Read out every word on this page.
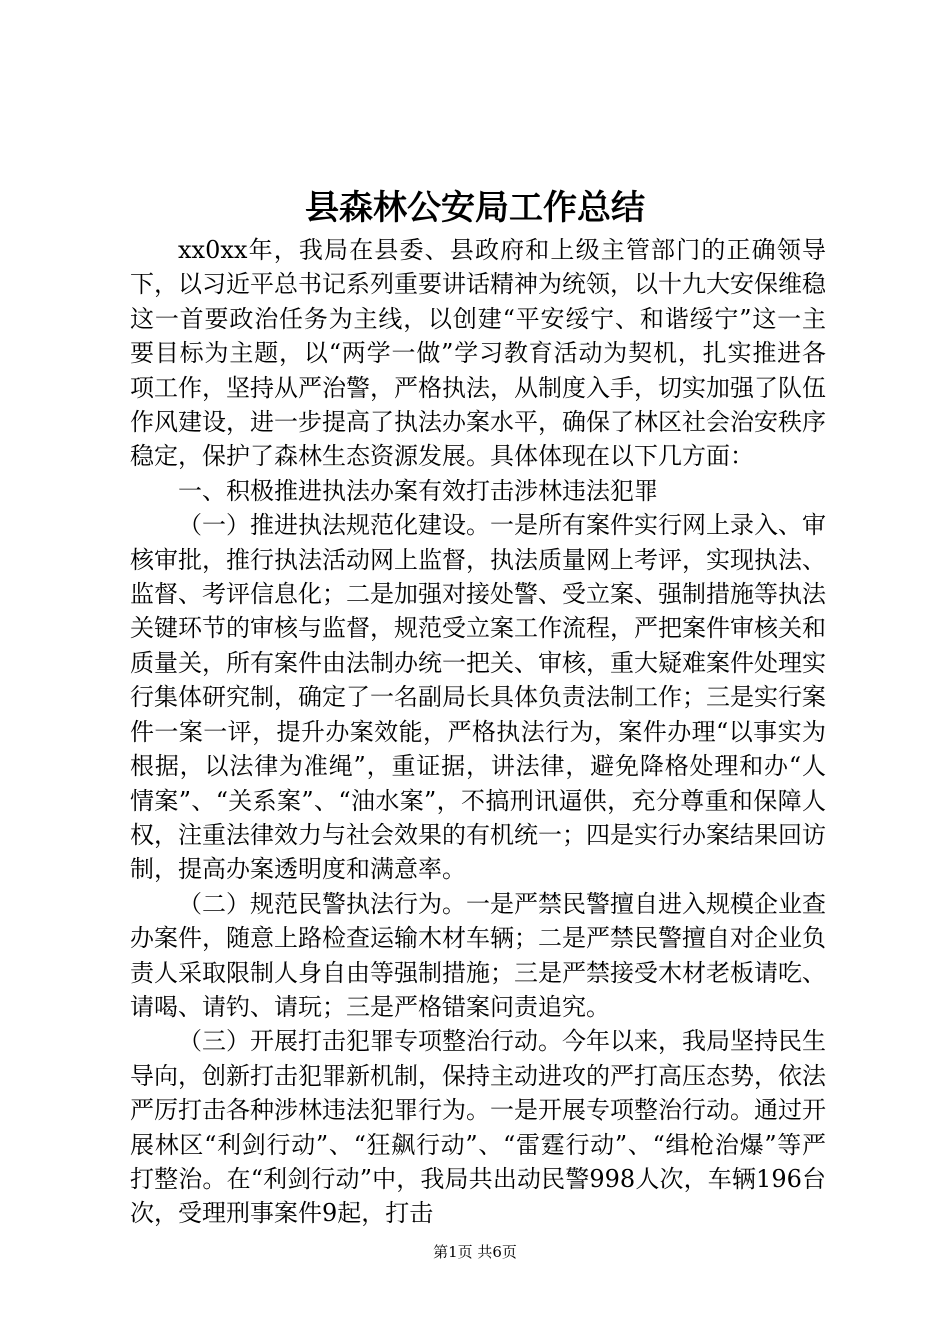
县森林公安局工作总结

xx0xx年，我局在县委、县政府和上级主管部门的正确领导下，以习近平总书记系列重要讲话精神为统领，以十九大安保维稳这一首要政治任务为主线，以创建“平安绥宁、和谐绥宁”这一主要目标为主题，以“两学一做”学习教育活动为契机，扎实推进各项工作，坚持从严治警，严格执法，从制度入手，切实加强了队伍作风建设，进一步提高了执法办案水平，确保了林区社会治安秩序稳定，保护了森林生态资源发展。具体体现在以下几方面：

一、积极推进执法办案有效打击涉林违法犯罪

（一）推进执法规范化建设。一是所有案件实行网上录入、审核审批，推行执法活动网上监督，执法质量网上考评，实现执法、监督、考评信息化；二是加强对接处警、受立案、强制措施等执法关键环节的审核与监督，规范受立案工作流程，严把案件审核关和质量关，所有案件由法制办统一把关、审核，重大疑难案件处理实行集体研究制，确定了一名副局长具体负责法制工作；三是实行案件一案一评，提升办案效能，严格执法行为，案件办理“以事实为根据，以法律为准绳”，重证据，讲法律，避免降格处理和办“人情案”、“关系案”、“油水案”，不搞刑讯逼供，充分尊重和保障人权，注重法律效力与社会效果的有机统一；四是实行办案结果回访制，提高办案透明度和满意率。

（二）规范民警执法行为。一是严禁民警擅自进入规模企业查办案件，随意上路检查运输木材车辆；二是严禁民警擅自对企业负责人采取限制人身自由等强制措施；三是严禁接受木材老板请吃、请喝、请钓、请玩；三是严格错案问责追究。

（三）开展打击犯罪专项整治行动。今年以来，我局坚持民生导向，创新打击犯罪新机制，保持主动进攻的严打高压态势，依法严厉打击各种涉林违法犯罪行为。一是开展专项整治行动。通过开展林区“利剑行动”、“狂飙行动”、“雷霆行动”、“缉枪治爆”等严打整治。在“利剑行动”中，我局共出动民警998人次，车辆196台次，受理刑事案件9起，打击

第1页 共6页
